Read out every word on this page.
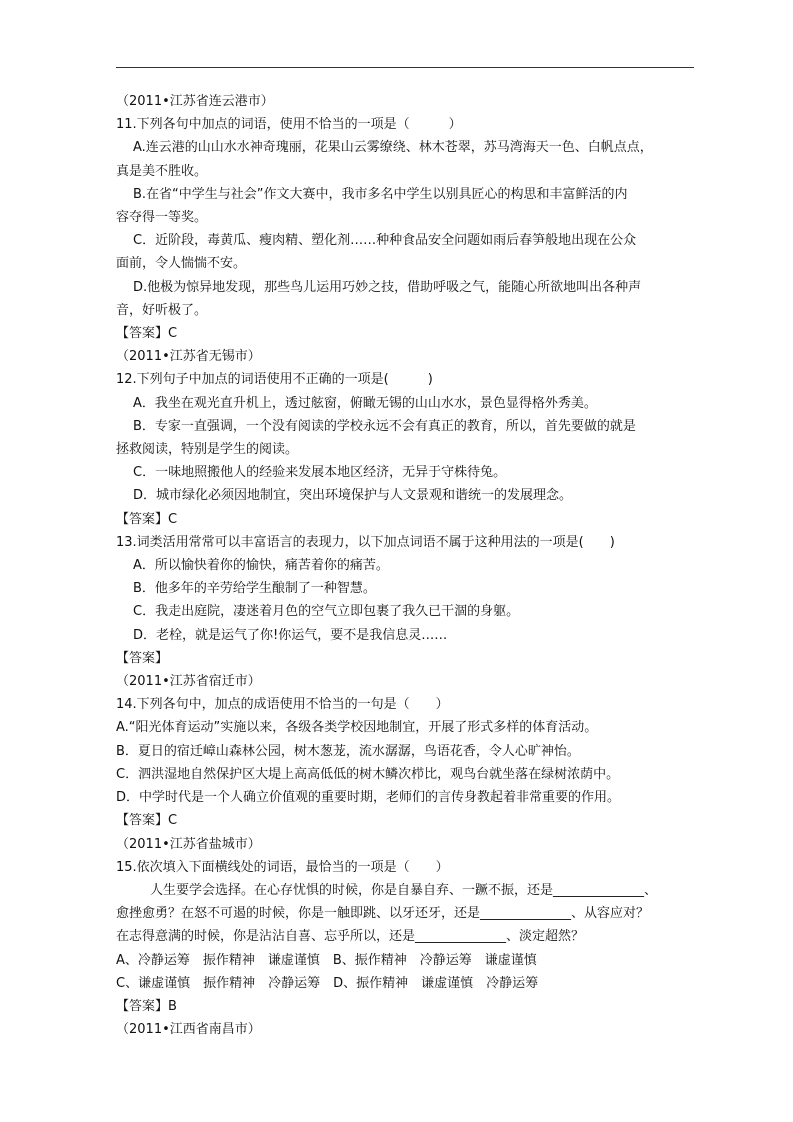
（2011•江苏省连云港市）
11.下列各句中加点的词语，使用不恰当的一项是（　　　）
A.连云港的山山水水神奇瑰丽，花果山云雾缭绕、林木苍翠，苏马湾海天一色、白帆点点，
真是美不胜收。
B.在省“中学生与社会”作文大赛中，我市多名中学生以别具匠心的构思和丰富鲜活的内
容夺得一等奖。
C．近阶段，毒黄瓜、瘦肉精、塑化剂……种种食品安全问题如雨后春笋般地出现在公众
面前，令人惴惴不安。
D.他极为惊异地发现，那些鸟儿运用巧妙之技，借助呼吸之气，能随心所欲地叫出各种声
音，好听极了。
【答案】C
（2011•江苏省无锡市）
12.下列句子中加点的词语使用不正确的一项是(　　　)
A．我坐在观光直升机上，透过舷窗，俯瞰无锡的山山水水，景色显得格外秀美。
B．专家一直强调，一个没有阅读的学校永远不会有真正的教育，所以，首先要做的就是
拯救阅读，特别是学生的阅读。
C．一味地照搬他人的经验来发展本地区经济，无异于守株待兔。
D．城市绿化必须因地制宜，突出环境保护与人文景观和谐统一的发展理念。
【答案】C
13.词类活用常常可以丰富语言的表现力，以下加点词语不属于这种用法的一项是(　　)
A．所以愉快着你的愉快，痛苦着你的痛苦。
B．他多年的辛劳给学生酿制了一种智慧。
C．我走出庭院，凄迷着月色的空气立即包裹了我久已干涸的身躯。
D．老栓，就是运气了你!你运气，要不是我信息灵……
【答案】
（2011•江苏省宿迁市）
14.下列各句中，加点的成语使用不恰当的一句是（　　）
A.“阳光体育运动”实施以来，各级各类学校因地制宜，开展了形式多样的体育活动。
B．夏日的宿迁嶂山森林公园，树木葱茏，流水潺潺，鸟语花香，令人心旷神怡。
C．泗洪湿地自然保护区大堤上高高低低的树木鳞次栉比，观鸟台就坐落在绿树浓荫中。
D．中学时代是一个人确立价值观的重要时期，老师们的言传身教起着非常重要的作用。
【答案】C
（2011•江苏省盐城市）
15.依次填入下面横线处的词语，最恰当的一项是（　　）
人生要学会选择。在心存忧惧的时候，你是自暴自弃、一蹶不振，还是______________、
愈挫愈勇？在怒不可遏的时候，你是一触即跳、以牙还牙，还是______________、从容应对？
在志得意满的时候，你是沾沾自喜、忘乎所以，还是______________、淡定超然？
A、冷静运筹　振作精神　谦虚谨慎　B、振作精神　冷静运筹　谦虚谨慎
C、谦虚谨慎　振作精神　冷静运筹　D、振作精神　谦虚谨慎　冷静运筹
【答案】B
（2011•江西省南昌市）
